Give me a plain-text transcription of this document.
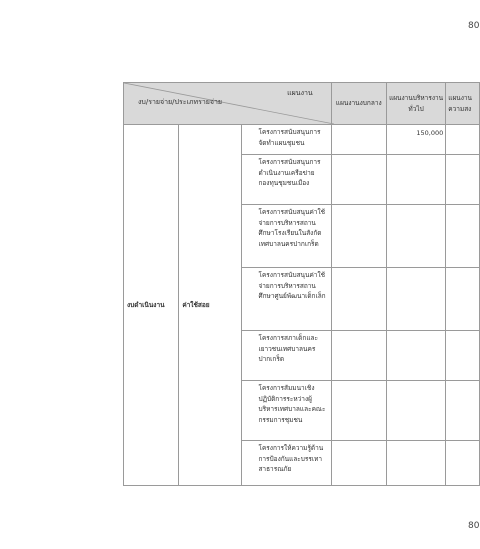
80
แผนงาน
งบ/รายจ่าย/ประเภทรายจ่าย			แผนงานงบกลาง	แผนงานบริหารงานทั่วไป	แผนงาน ความสง
งบดำเนินงาน	ค่าใช้สอย	โครงการสนับสนุนการจัดทำแผนชุมชน		150,000	
		โครงการสนับสนุนการดำเนินงานเครือข่ายกองทุนชุมชนเมือง			
		โครงการสนับสนุนค่าใช้จ่ายการบริหารสถานศึกษาโรงเรียนในสังกัดเทศบาลนครปากเกร็ด			
		โครงการสนับสนุนค่าใช้จ่ายการบริหารสถานศึกษาศูนย์พัฒนาเด็กเล็ก			
		โครงการสภาเด็กและเยาวชนเทศบาลนครปากเกร็ด			
		โครงการสัมมนาเชิงปฏิบัติการระหว่างผู้บริหารเทศบาลและคณะกรรมการชุมชน			
		โครงการให้ความรู้ด้านการป้องกันและบรรเทาสาธารณภัย			
80
